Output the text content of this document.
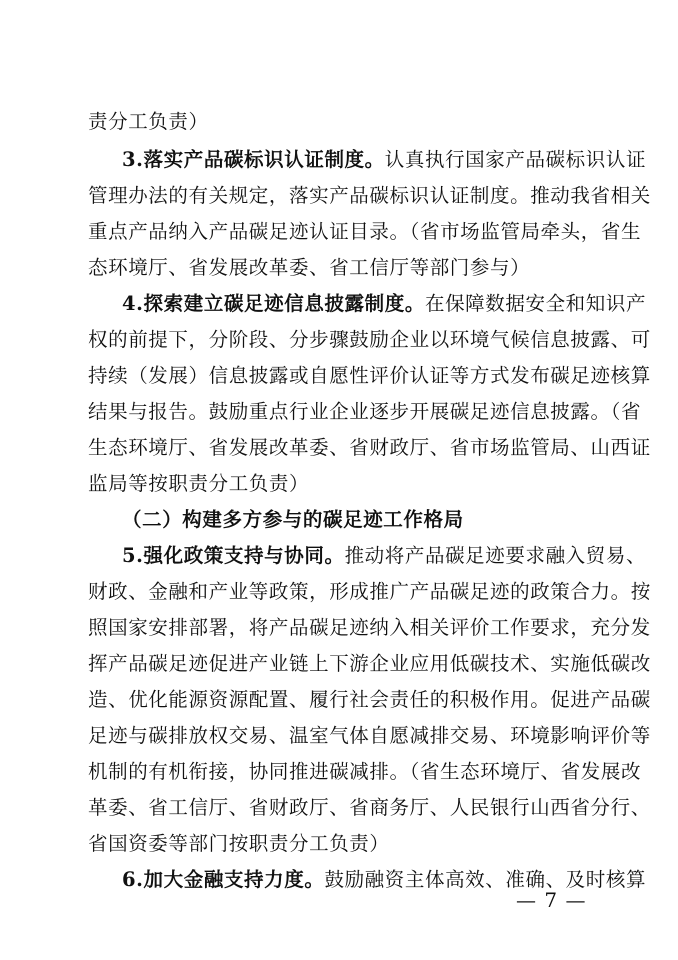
责分工负责）
3.落实产品碳标识认证制度。认真执行国家产品碳标识认证
管理办法的有关规定，落实产品碳标识认证制度。推动我省相关
重点产品纳入产品碳足迹认证目录。（省市场监管局牵头，省生
态环境厅、省发展改革委、省工信厅等部门参与）
4.探索建立碳足迹信息披露制度。在保障数据安全和知识产
权的前提下，分阶段、分步骤鼓励企业以环境气候信息披露、可
持续（发展）信息披露或自愿性评价认证等方式发布碳足迹核算
结果与报告。鼓励重点行业企业逐步开展碳足迹信息披露。（省
生态环境厅、省发展改革委、省财政厅、省市场监管局、山西证
监局等按职责分工负责）
（二）构建多方参与的碳足迹工作格局
5.强化政策支持与协同。推动将产品碳足迹要求融入贸易、
财政、金融和产业等政策，形成推广产品碳足迹的政策合力。按
照国家安排部署，将产品碳足迹纳入相关评价工作要求，充分发
挥产品碳足迹促进产业链上下游企业应用低碳技术、实施低碳改
造、优化能源资源配置、履行社会责任的积极作用。促进产品碳
足迹与碳排放权交易、温室气体自愿减排交易、环境影响评价等
机制的有机衔接，协同推进碳减排。（省生态环境厅、省发展改
革委、省工信厅、省财政厅、省商务厅、人民银行山西省分行、
省国资委等部门按职责分工负责）
6.加大金融支持力度。鼓励融资主体高效、准确、及时核算
— 7 —
